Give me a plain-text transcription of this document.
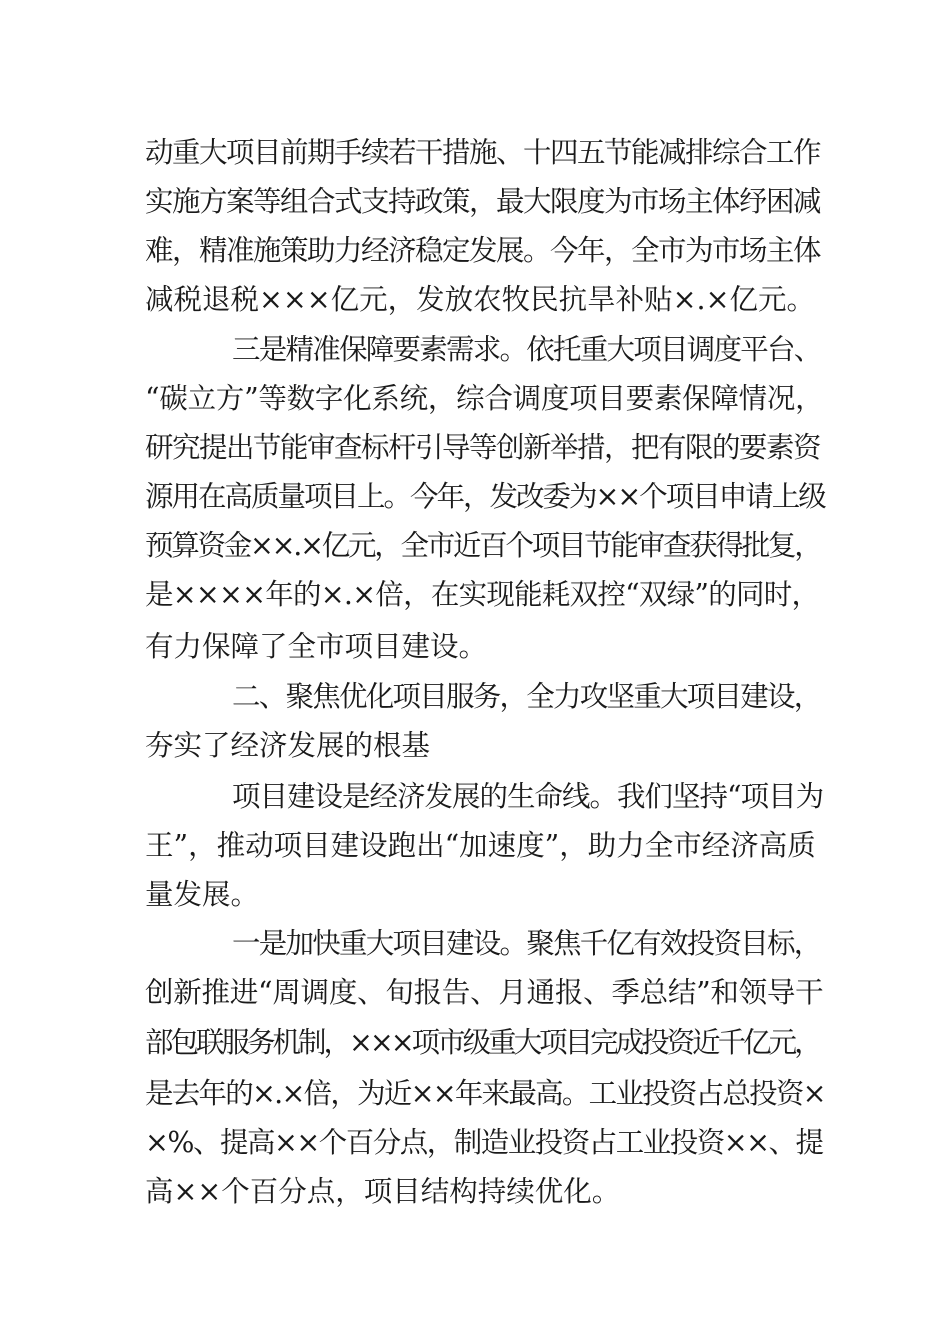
动重大项目前期手续若干措施、十四五节能减排综合工作
实施方案等组合式支持政策，最大限度为市场主体纾困减
难，精准施策助力经济稳定发展。今年，全市为市场主体
减税退税×××亿元，发放农牧民抗旱补贴×.×亿元。
三是精准保障要素需求。依托重大项目调度平台、
“碳立方”等数字化系统，综合调度项目要素保障情况，
研究提出节能审查标杆引导等创新举措，把有限的要素资
源用在高质量项目上。今年，发改委为××个项目申请上级
预算资金××.×亿元，全市近百个项目节能审查获得批复，
是××××年的×.×倍，在实现能耗双控“双绿”的同时，
有力保障了全市项目建设。
二、聚焦优化项目服务，全力攻坚重大项目建设，
夯实了经济发展的根基
项目建设是经济发展的生命线。我们坚持“项目为
王”，推动项目建设跑出“加速度”，助力全市经济高质
量发展。
一是加快重大项目建设。聚焦千亿有效投资目标，
创新推进“周调度、旬报告、月通报、季总结”和领导干
部包联服务机制，×××项市级重大项目完成投资近千亿元，
是去年的×.×倍，为近××年来最高。工业投资占总投资×
×%、提高××个百分点，制造业投资占工业投资××、提
高××个百分点，项目结构持续优化。
